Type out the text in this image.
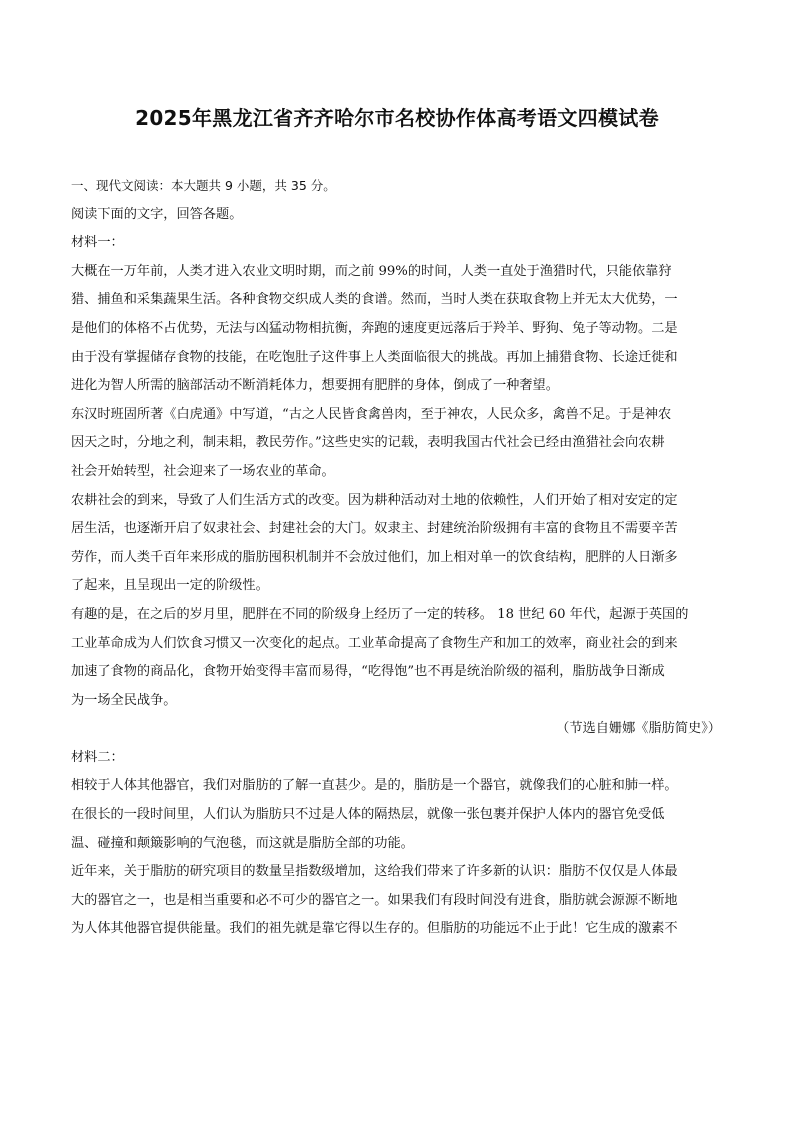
2025年黑龙江省齐齐哈尔市名校协作体高考语文四模试卷
一、现代文阅读：本大题共 9 小题，共 35 分。
阅读下面的文字，回答各题。
材料一：
大概在一万年前，人类才进入农业文明时期，而之前 99%的时间，人类一直处于渔猎时代，只能依靠狩
猎、捕鱼和采集蔬果生活。各种食物交织成人类的食谱。然而，当时人类在获取食物上并无太大优势，一
是他们的体格不占优势，无法与凶猛动物相抗衡，奔跑的速度更远落后于羚羊、野狗、兔子等动物。二是
由于没有掌握储存食物的技能，在吃饱肚子这件事上人类面临很大的挑战。再加上捕猎食物、长途迁徙和
进化为智人所需的脑部活动不断消耗体力，想要拥有肥胖的身体，倒成了一种奢望。
东汉时班固所著《白虎通》中写道，“古之人民皆食禽兽肉，至于神农，人民众多，禽兽不足。于是神农
因天之时，分地之利，制耒耜，教民劳作。”这些史实的记载，表明我国古代社会已经由渔猎社会向农耕
社会开始转型，社会迎来了一场农业的革命。
农耕社会的到来，导致了人们生活方式的改变。因为耕种活动对土地的依赖性，人们开始了相对安定的定
居生活，也逐渐开启了奴隶社会、封建社会的大门。奴隶主、封建统治阶级拥有丰富的食物且不需要辛苦
劳作，而人类千百年来形成的脂肪囤积机制并不会放过他们，加上相对单一的饮食结构，肥胖的人日渐多
了起来，且呈现出一定的阶级性。
有趣的是，在之后的岁月里，肥胖在不同的阶级身上经历了一定的转移。 18 世纪 60 年代，起源于英国的
工业革命成为人们饮食习惯又一次变化的起点。工业革命提高了食物生产和加工的效率，商业社会的到来
加速了食物的商品化，食物开始变得丰富而易得，“吃得饱”也不再是统治阶级的福利，脂肪战争日渐成
为一场全民战争。
（节选自姗娜《脂肪简史》）
材料二：
相较于人体其他器官，我们对脂肪的了解一直甚少。是的，脂肪是一个器官，就像我们的心脏和肺一样。
在很长的一段时间里，人们认为脂肪只不过是人体的隔热层，就像一张包裹并保护人体内的器官免受低
温、碰撞和颠簸影响的气泡毯，而这就是脂肪全部的功能。
近年来，关于脂肪的研究项目的数量呈指数级增加，这给我们带来了许多新的认识：脂肪不仅仅是人体最
大的器官之一，也是相当重要和必不可少的器官之一。如果我们有段时间没有进食，脂肪就会源源不断地
为人体其他器官提供能量。我们的祖先就是靠它得以生存的。但脂肪的功能远不止于此！它生成的激素不
